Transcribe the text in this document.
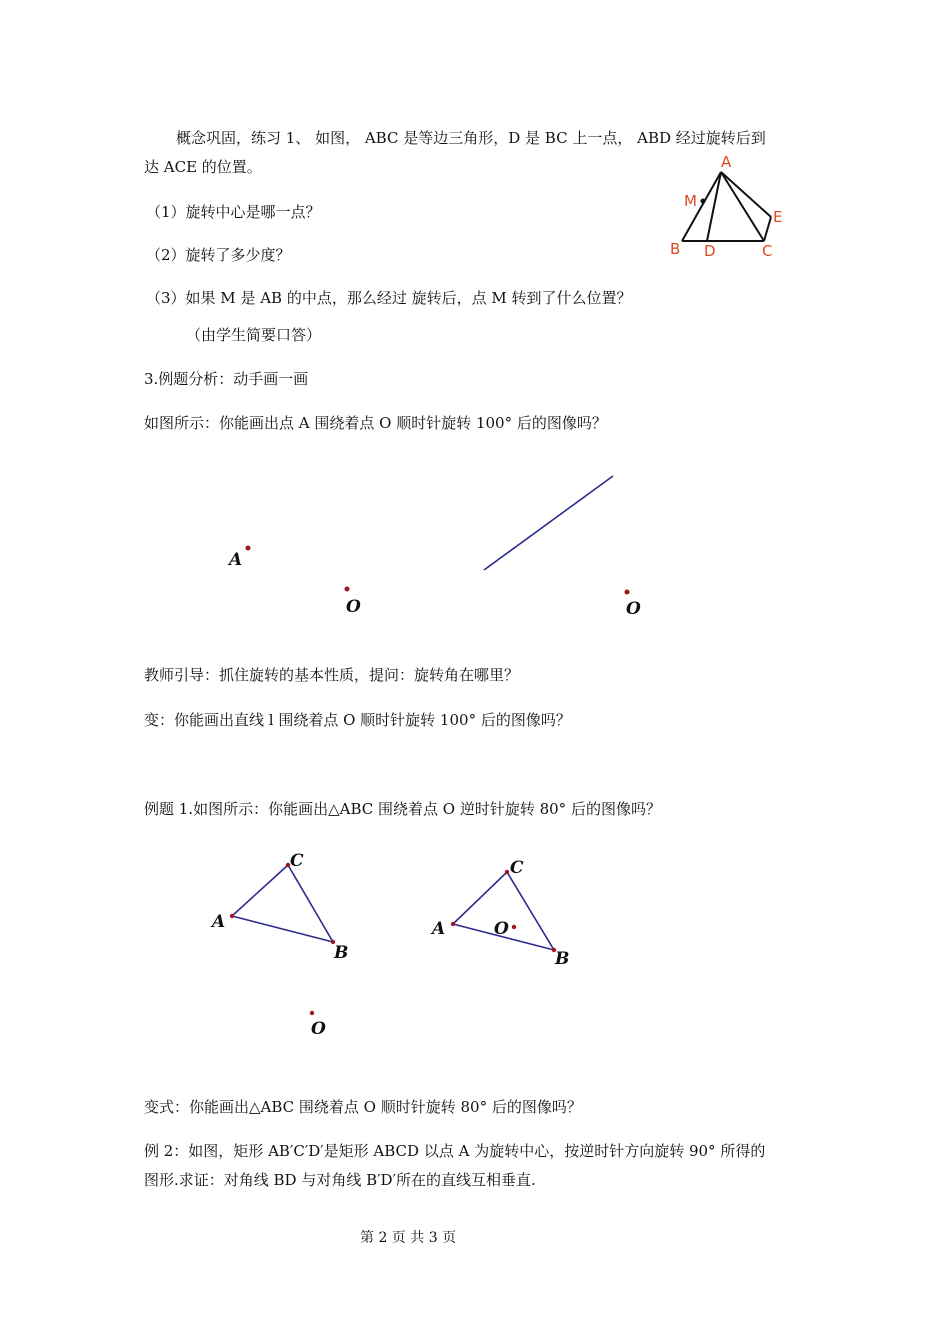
概念巩固，练习 1、 如图， ABC 是等边三角形，D 是 BC 上一点， ABD 经过旋转后到
达 ACE 的位置。
（1）旋转中心是哪一点？
（2）旋转了多少度？
（3）如果 M 是 AB 的中点，那么经过 旋转后，点 M 转到了什么位置？
（由学生简要口答）
A
M
E
B D	C
3.例题分析：动手画一画
如图所示：你能画出点 A 围绕着点 O 顺时针旋转 100° 后的图像吗？
A
O	O
教师引导：抓住旋转的基本性质，提问：旋转角在哪里？
变：你能画出直线 l 围绕着点 O 顺时针旋转 100° 后的图像吗？
例题 1.如图所示：你能画出△ABC 围绕着点 O 逆时针旋转 80° 后的图像吗？
C
A
B
O
C
A	O
B
变式：你能画出△ABC 围绕着点 O 顺时针旋转 80° 后的图像吗？
例 2：如图，矩形 AB′C′D′是矩形 ABCD 以点 A 为旋转中心，按逆时针方向旋转 90° 所得的
图形.求证：对角线 BD 与对角线 B′D′所在的直线互相垂直.
第 2 页 共 3 页
